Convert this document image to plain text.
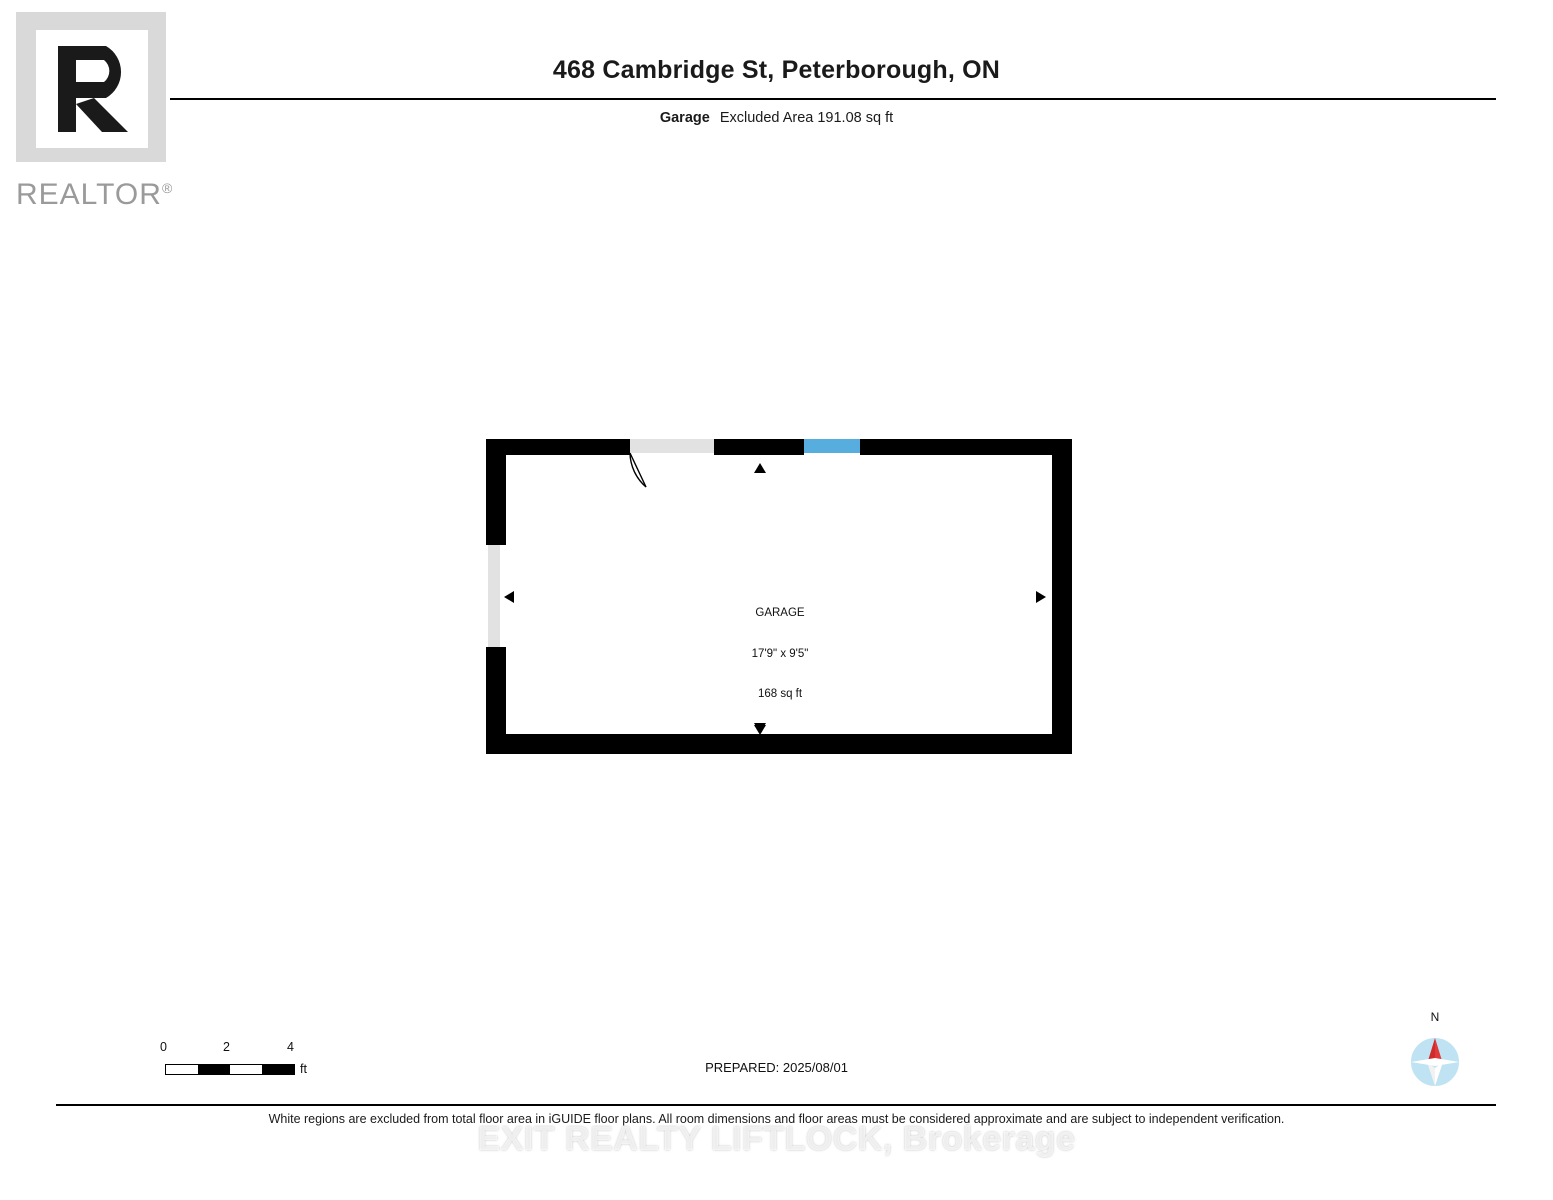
REALTOR®
468 Cambridge St, Peterborough, ON
Garage Excluded Area 191.08 sq ft

GARAGE

17'9" x 9'5"

168 sq ft

0	2	4
ft	PREPARED: 2025/08/01
N
White regions are excluded from total floor area in iGUIDE floor plans. All room dimensions and floor areas must be considered approximate and are subject to independent verification.
EXIT REALTY LIFTLOCK, Brokerage
